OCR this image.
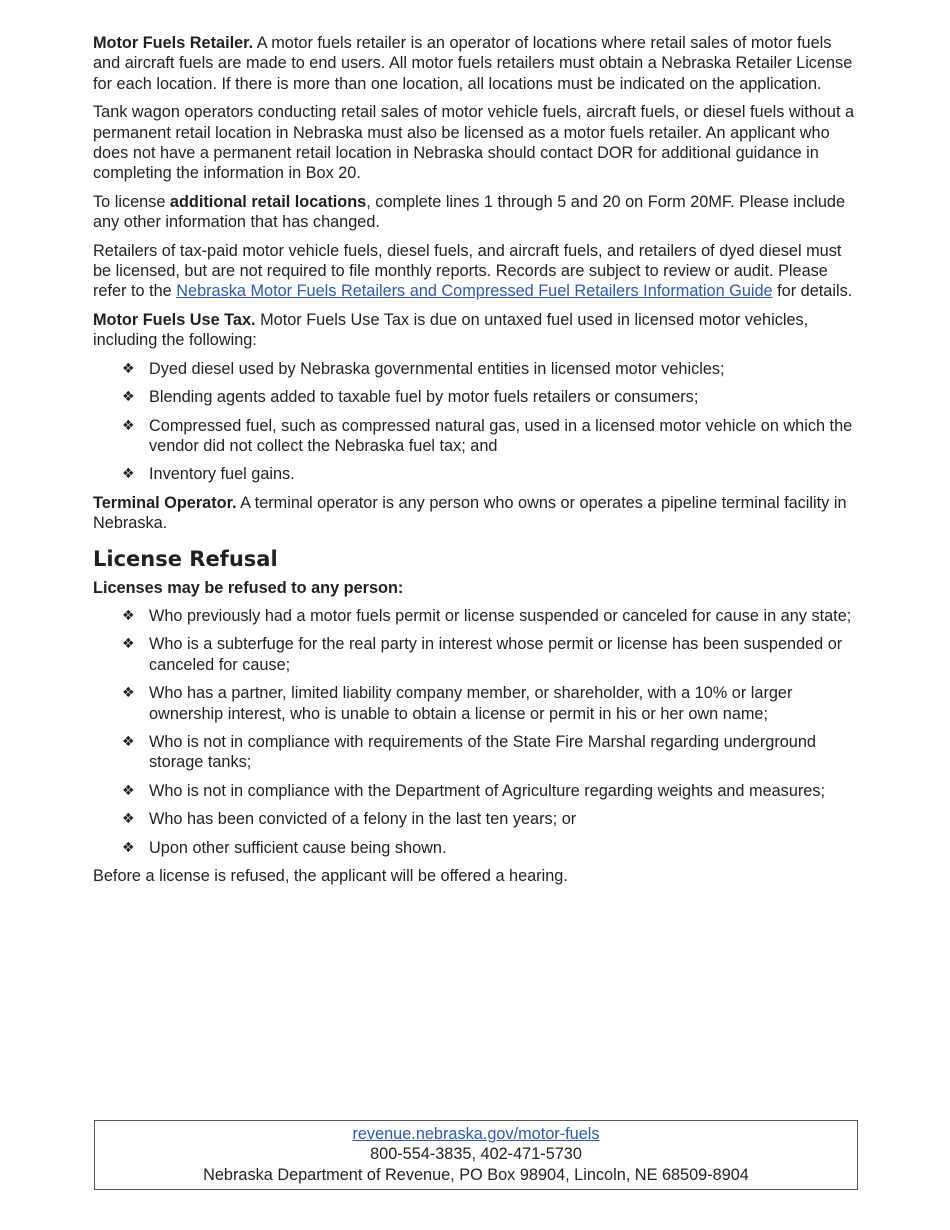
Motor Fuels Retailer. A motor fuels retailer is an operator of locations where retail sales of motor fuels and aircraft fuels are made to end users. All motor fuels retailers must obtain a Nebraska Retailer License for each location. If there is more than one location, all locations must be indicated on the application.

Tank wagon operators conducting retail sales of motor vehicle fuels, aircraft fuels, or diesel fuels without a permanent retail location in Nebraska must also be licensed as a motor fuels retailer. An applicant who does not have a permanent retail location in Nebraska should contact DOR for additional guidance in completing the information in Box 20.

To license additional retail locations, complete lines 1 through 5 and 20 on Form 20MF. Please include any other information that has changed.

Retailers of tax-paid motor vehicle fuels, diesel fuels, and aircraft fuels, and retailers of dyed diesel must be licensed, but are not required to file monthly reports. Records are subject to review or audit. Please refer to the Nebraska Motor Fuels Retailers and Compressed Fuel Retailers Information Guide for details.

Motor Fuels Use Tax. Motor Fuels Use Tax is due on untaxed fuel used in licensed motor vehicles, including the following:

❖ Dyed diesel used by Nebraska governmental entities in licensed motor vehicles;
❖ Blending agents added to taxable fuel by motor fuels retailers or consumers;
❖ Compressed fuel, such as compressed natural gas, used in a licensed motor vehicle on which the vendor did not collect the Nebraska fuel tax; and
❖ Inventory fuel gains.

Terminal Operator. A terminal operator is any person who owns or operates a pipeline terminal facility in Nebraska.

License Refusal

Licenses may be refused to any person:

❖ Who previously had a motor fuels permit or license suspended or canceled for cause in any state;
❖ Who is a subterfuge for the real party in interest whose permit or license has been suspended or canceled for cause;
❖ Who has a partner, limited liability company member, or shareholder, with a 10% or larger ownership interest, who is unable to obtain a license or permit in his or her own name;
❖ Who is not in compliance with requirements of the State Fire Marshal regarding underground storage tanks;
❖ Who is not in compliance with the Department of Agriculture regarding weights and measures;
❖ Who has been convicted of a felony in the last ten years; or
❖ Upon other sufficient cause being shown.

Before a license is refused, the applicant will be offered a hearing.

revenue.nebraska.gov/motor-fuels
800-554-3835, 402-471-5730
Nebraska Department of Revenue, PO Box 98904, Lincoln, NE 68509-8904
